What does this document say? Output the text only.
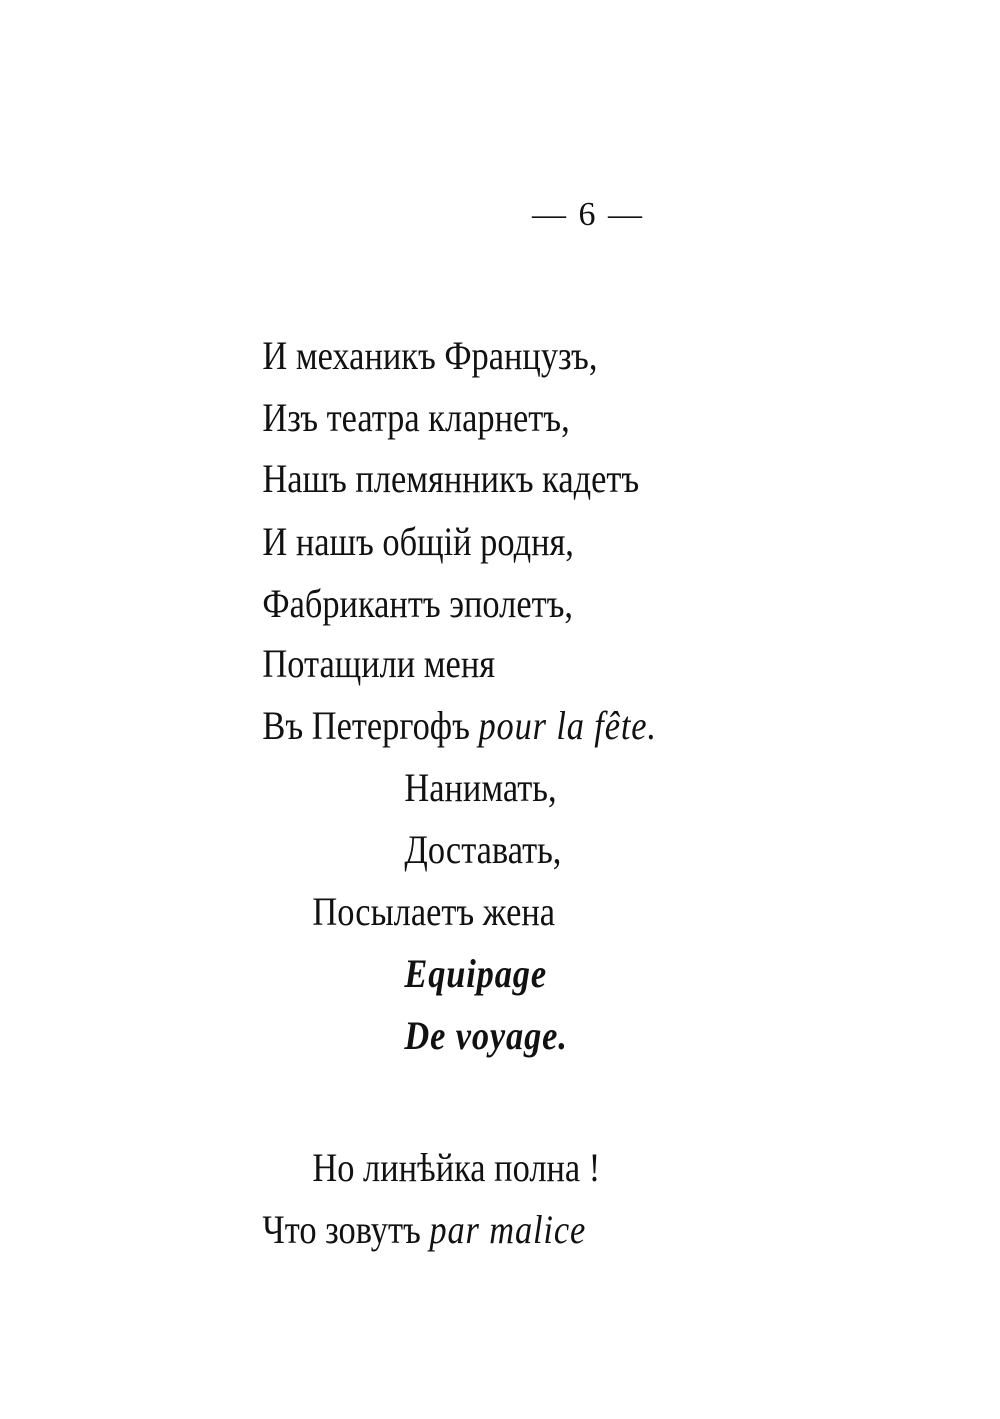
— 6 —

И механикъ Французъ,

Изъ театра кларнетъ,

Нашъ племянникъ кадетъ

И нашъ общій родня,

Фабрикантъ эполетъ,

Потащили меня

Въ Петергофъ pour la fête.

Нанимать,

Доставать,

Посылаетъ жена

Equipage

De voyage.

Но линѣйка полна !

Что зовутъ par malice
